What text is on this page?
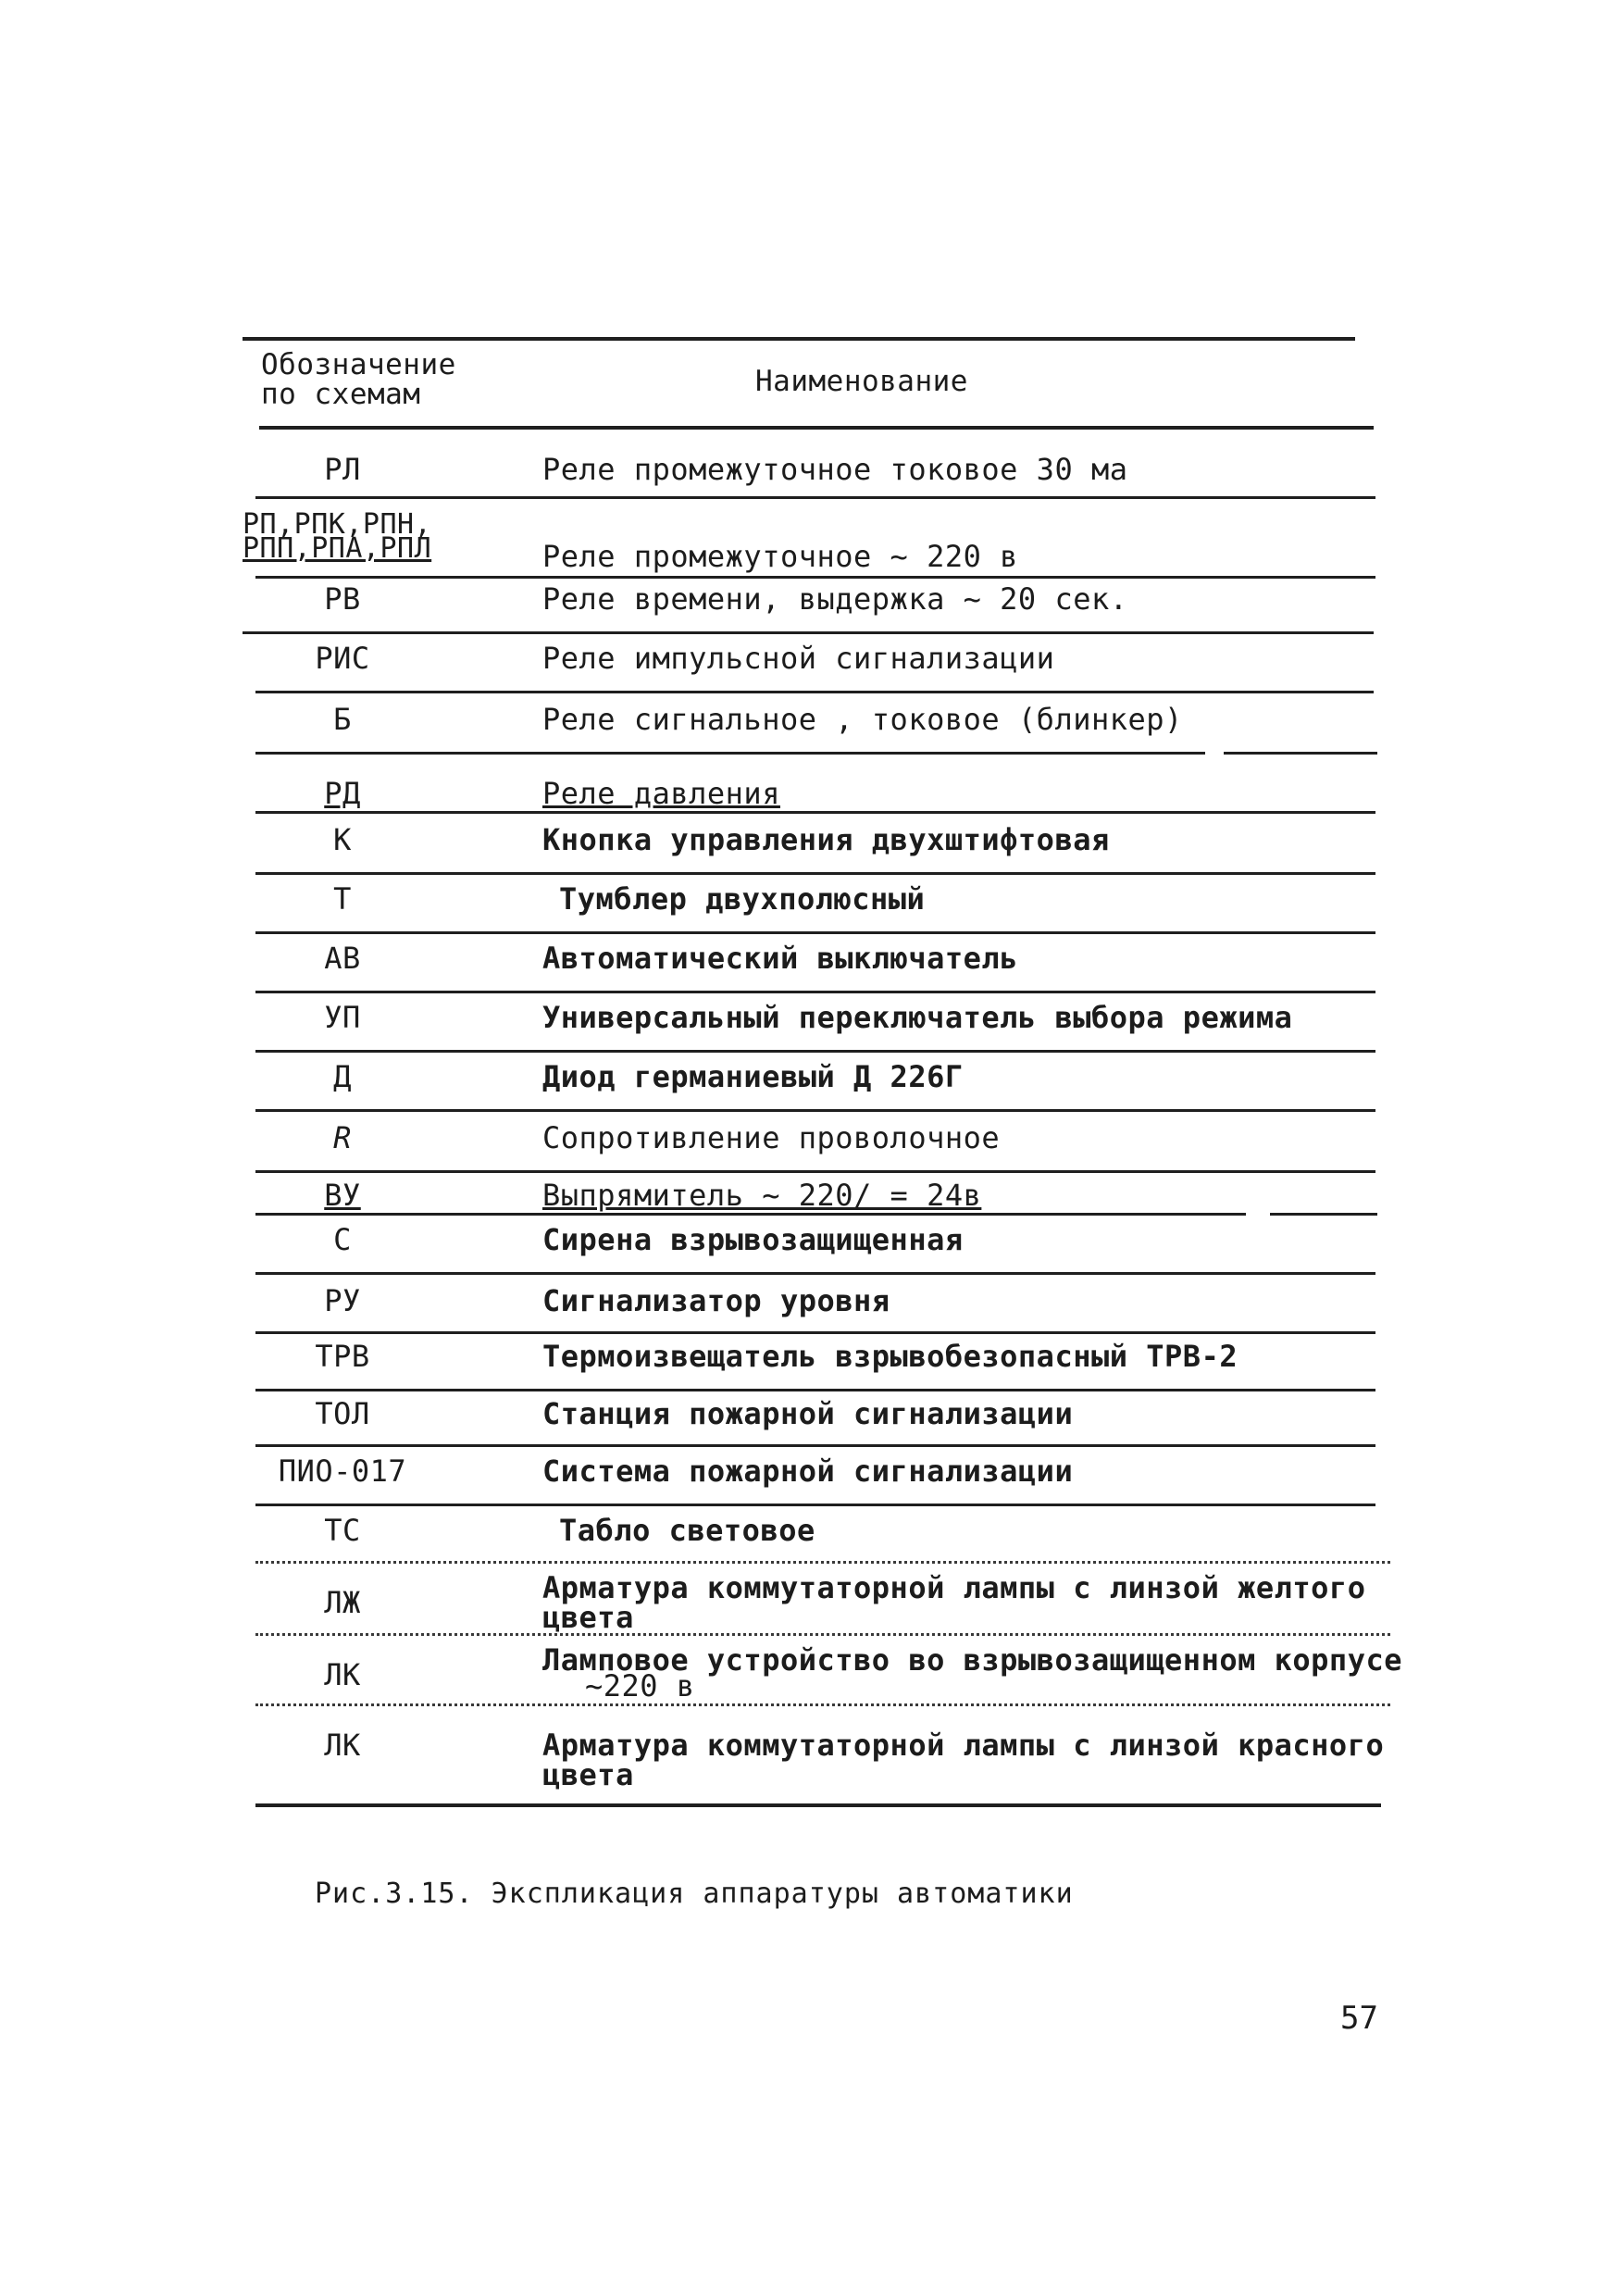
Обозначение
по схемам	Наименование
РЛ	Реле промежуточное токовое 30 ма
РП,РПК,РПН,
РПП,РПА,РПЛ	Реле промежуточное ~ 220 в
РВ	Реле времени, выдержка ~ 20 сек.
РИС	Реле импульсной сигнализации
Б	Реле сигнальное , токовое (блинкер)
РД	Реле давления
К	Кнопка управления двухштифтовая
Т	Тумблер двухполюсный
АВ	Автоматический выключатель
УП	Универсальный переключатель выбора режима
Д	Диод германиевый Д 226Г
R	Сопротивление проволочное
ВУ	Выпрямитель ~ 220/ = 24в
С	Сирена взрывозащищенная
РУ	Сигнализатор уровня
ТРВ	Термоизвещатель взрывобезопасный ТРВ-2
ТОЛ	Станция пожарной сигнализации
ПИО-017	Система пожарной сигнализации
ТС	Табло световое
ЛЖ	Арматура коммутаторной лампы с линзой желтого
цвета
ЛК	Ламповое устройство во взрывозащищенном корпусе
~220 в
ЛК	Арматура коммутаторной лампы с линзой красного
цвета
Рис.3.15. Экспликация аппаратуры автоматики
57
